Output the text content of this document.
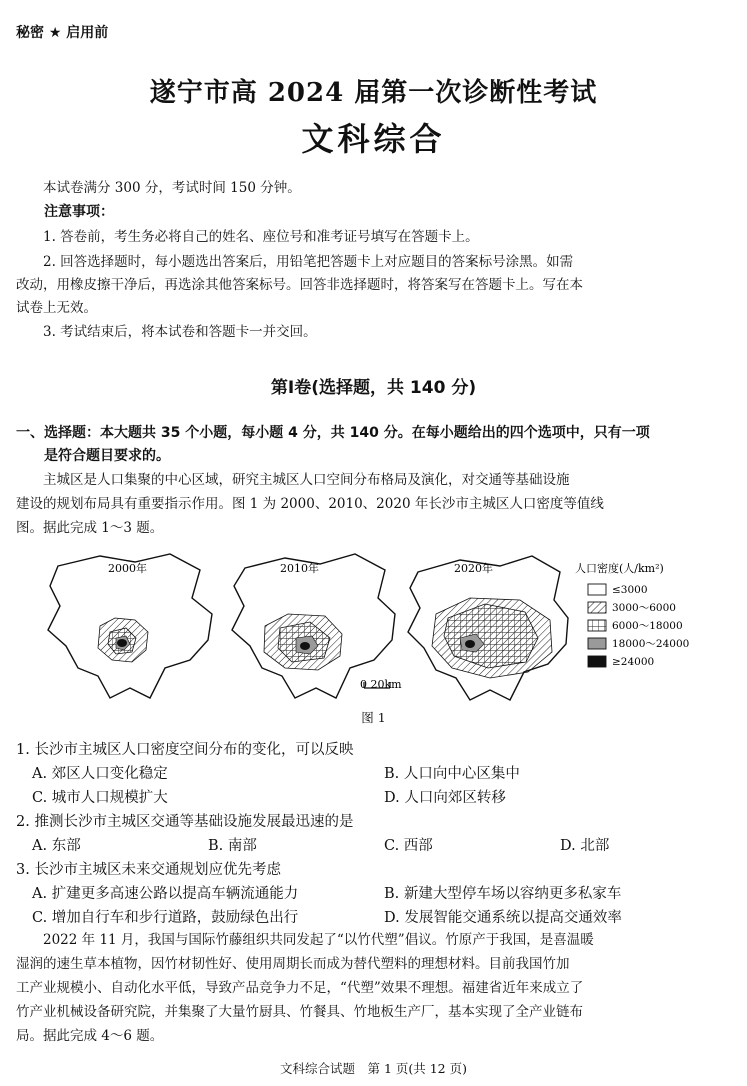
秘密 ★ 启用前
遂宁市高 2024 届第一次诊断性考试
文科综合
本试卷满分 300 分，考试时间 150 分钟。
注意事项：
1. 答卷前，考生务必将自己的姓名、座位号和准考证号填写在答题卡上。
2. 回答选择题时，每小题选出答案后，用铅笔把答题卡上对应题目的答案标号涂黑。如需
改动，用橡皮擦干净后，再选涂其他答案标号。回答非选择题时，将答案写在答题卡上。写在本
试卷上无效。
3. 考试结束后，将本试卷和答题卡一并交回。
第Ⅰ卷(选择题，共 140 分)
一、选择题：本大题共 35 个小题，每小题 4 分，共 140 分。在每小题给出的四个选项中，只有一项
是符合题目要求的。
主城区是人口集聚的中心区域，研究主城区人口空间分布格局及演化，对交通等基础设施
建设的规划布局具有重要指示作用。图 1 为 2000、2010、2020 年长沙市主城区人口密度等值线
图。据此完成 1～3 题。
2000年	2010年
0 20km
2020年	人口密度(人/km²)
≤3000
3000～6000
6000～18000
18000～24000
≥24000
图 1
1. 长沙市主城区人口密度空间分布的变化，可以反映
A. 郊区人口变化稳定	B. 人口向中心区集中
C. 城市人口规模扩大	D. 人口向郊区转移
2. 推测长沙市主城区交通等基础设施发展最迅速的是
A. 东部	B. 南部	C. 西部	D. 北部
3. 长沙市主城区未来交通规划应优先考虑
A. 扩建更多高速公路以提高车辆流通能力	B. 新建大型停车场以容纳更多私家车
C. 增加自行车和步行道路，鼓励绿色出行	D. 发展智能交通系统以提高交通效率
2022 年 11 月，我国与国际竹藤组织共同发起了“以竹代塑”倡议。竹原产于我国，是喜温暖
湿润的速生草本植物，因竹材韧性好、使用周期长而成为替代塑料的理想材料。目前我国竹加
工产业规模小、自动化水平低，导致产品竞争力不足，“代塑”效果不理想。福建省近年来成立了
竹产业机械设备研究院，并集聚了大量竹厨具、竹餐具、竹地板生产厂，基本实现了全产业链布
局。据此完成 4～6 题。
文科综合试题　第 1 页(共 12 页)
